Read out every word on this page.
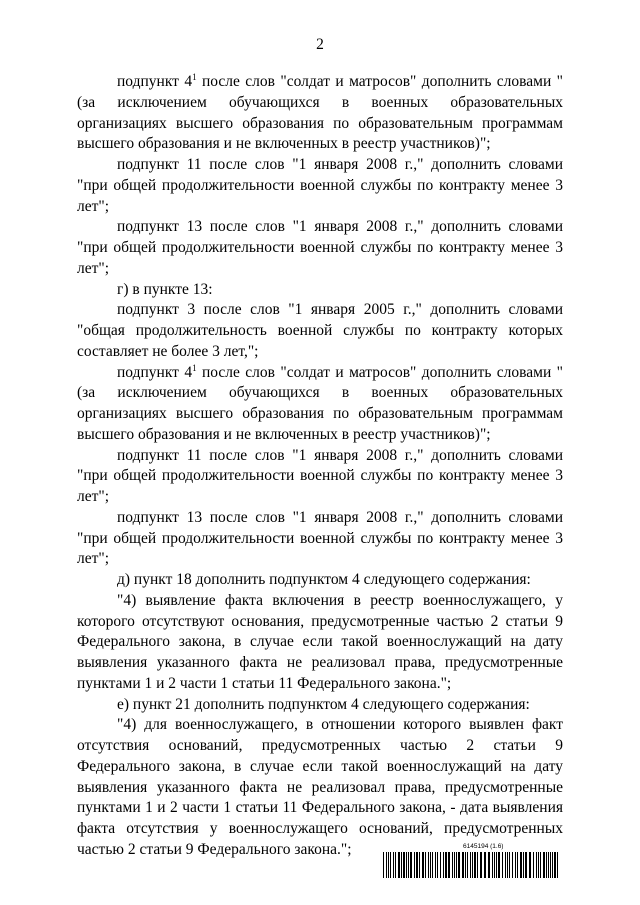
2

подпункт $4^1$ после слов "солдат и матросов" дополнить словами "(за исключением обучающихся в военных образовательных организациях высшего образования по образовательным программам высшего образования и не включенных в реестр участников)";

подпункт 11 после слов "1 января 2008 г.," дополнить словами "при общей продолжительности военной службы по контракту менее 3 лет";

подпункт 13 после слов "1 января 2008 г.," дополнить словами "при общей продолжительности военной службы по контракту менее 3 лет";

г) в пункте 13:

подпункт 3 после слов "1 января 2005 г.," дополнить словами "общая продолжительность военной службы по контракту которых составляет не более 3 лет,";

подпункт $4^1$ после слов "солдат и матросов" дополнить словами "(за исключением обучающихся в военных образовательных организациях высшего образования по образовательным программам высшего образования и не включенных в реестр участников)";

подпункт 11 после слов "1 января 2008 г.," дополнить словами "при общей продолжительности военной службы по контракту менее 3 лет";

подпункт 13 после слов "1 января 2008 г.," дополнить словами "при общей продолжительности военной службы по контракту менее 3 лет";

д) пункт 18 дополнить подпунктом 4 следующего содержания:

"4) выявление факта включения в реестр военнослужащего, у которого отсутствуют основания, предусмотренные частью 2 статьи 9 Федерального закона, в случае если такой военнослужащий на дату выявления указанного факта не реализовал права, предусмотренные пунктами 1 и 2 части 1 статьи 11 Федерального закона.";

е) пункт 21 дополнить подпунктом 4 следующего содержания:

"4) для военнослужащего, в отношении которого выявлен факт отсутствия оснований, предусмотренных частью 2 статьи 9 Федерального закона, в случае если такой военнослужащий на дату выявления указанного факта не реализовал права, предусмотренные пунктами 1 и 2 части 1 статьи 11 Федерального закона, - дата выявления факта отсутствия у военнослужащего оснований, предусмотренных частью 2 статьи 9 Федерального закона.";	6145194 (1.6)
